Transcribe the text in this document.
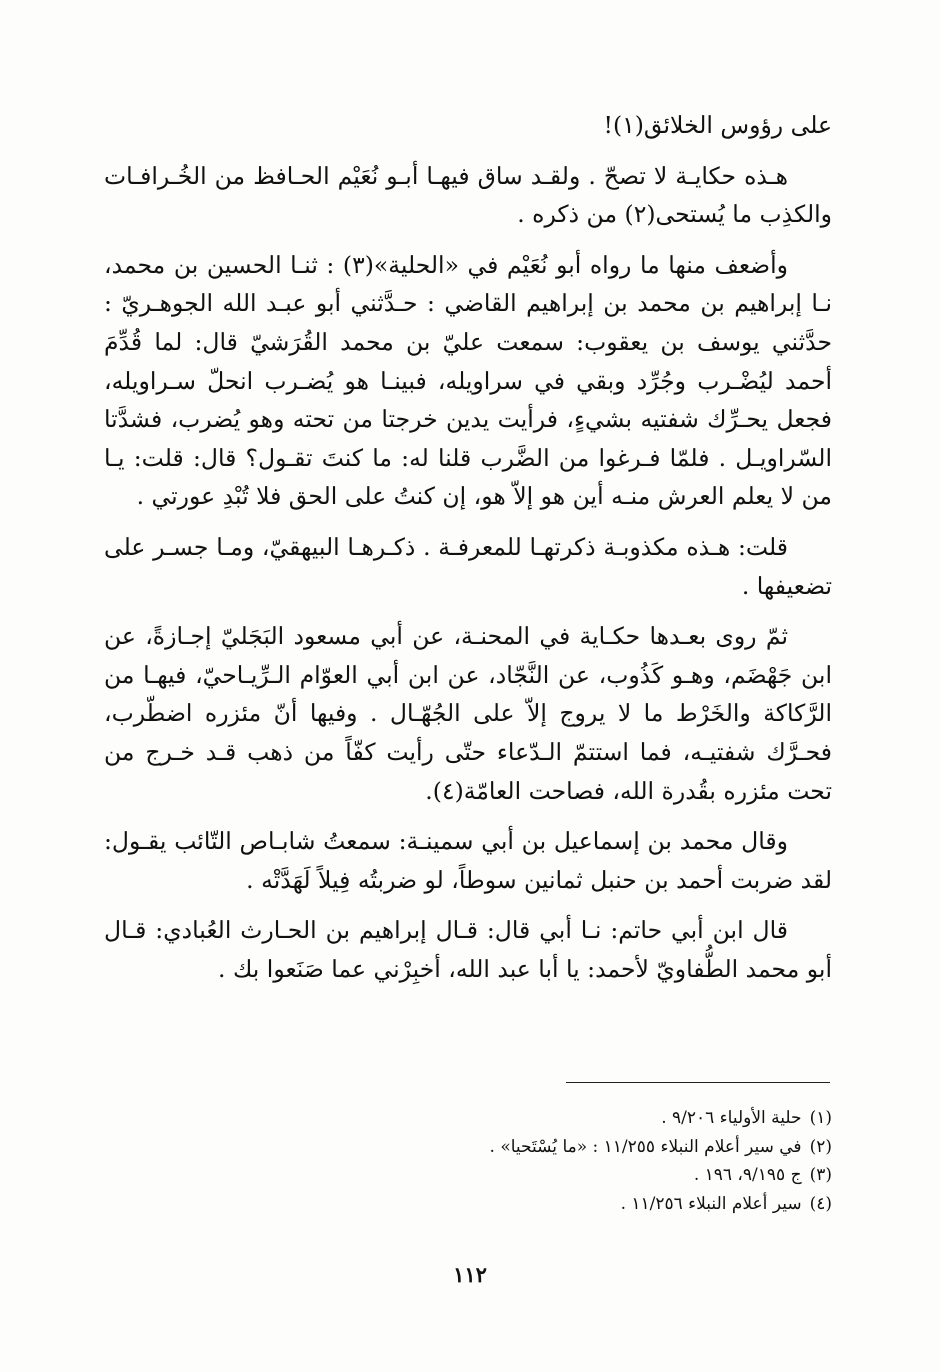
على رؤوس الخلائق(١)!

هـذه حكايـة لا تصحّ . ولقـد ساق فيهـا أبـو نُعَيْم الحـافظ من الخُـرافـات والكذِب ما يُستحى(٢) من ذكره .

وأضعف منها ما رواه أبو نُعَيْم في «الحلية»(٣) : ثنـا الحسين بن محمد، نـا إبراهيم بن محمد بن إبراهيم القاضي : حـدَّثني أبو عبـد الله الجوهـريّ : حدَّثني يوسف بن يعقوب: سمعت عليّ بن محمد القُرَشيّ قال: لما قُدِّمَ أحمد ليُضْـرب وجُرِّد وبقي في سراويله، فبينـا هو يُضـرب انحلّ سـراويله، فجعل يحـرِّك شفتيه بشيءٍ، فرأيت يدين خرجتا من تحته وهو يُضرب، فشدَّتا السّراويـل . فلمّا فـرغوا من الضَّرب قلنا له: ما كنتَ تقـول؟ قال: قلت: يـا من لا يعلم العرش منـه أين هو إلاّ هو، إن كنتُ على الحق فلا تُبْدِ عورتي .

قلت: هـذه مكذوبـة ذكرتهـا للمعرفـة . ذكـرهـا البيهقيّ، ومـا جسـر على تضعيفها .

ثمّ روى بعـدها حكـاية في المحنـة، عن أبي مسعود البَجَليّ إجـازةً، عن ابن جَهْضَم، وهـو كَذُوب، عن النَّجّاد، عن ابن أبي العوّام الـرِّيـاحيّ، فيهـا من الرَّكاكة والخَرْط ما لا يروج إلاّ على الجُهّـال . وفيها أنّ مئزره اضطّرب، فحـرَّك شفتيـه، فما استتمّ الـدّعاء حتّى رأيت كفّاً من ذهب قـد خـرج من تحت مئزره بقُدرة الله، فصاحت العامّة(٤).

وقال محمد بن إسماعيل بن أبي سمينـة: سمعتُ شابـاص التّائب يقـول: لقد ضربت أحمد بن حنبل ثمانين سوطاً، لو ضربتُه فِيلاً لَهَدَّتْه .

قال ابن أبي حاتم: نـا أبي قال: قـال إبراهيم بن الحـارث العُبادي: قـال أبو محمد الطُّفاويّ لأحمد: يا أبا عبد الله، أخبِرْني عما صَنَعوا بك .

(١)حلية الأولياء ٩/٢٠٦ .

(٢)في سير أعلام النبلاء ١١/٢٥٥ : «ما يُسْتَحيا» .

(٣)ج ٩/١٩٥، ١٩٦ .

(٤)سير أعلام النبلاء ١١/٢٥٦ .

١١٢
